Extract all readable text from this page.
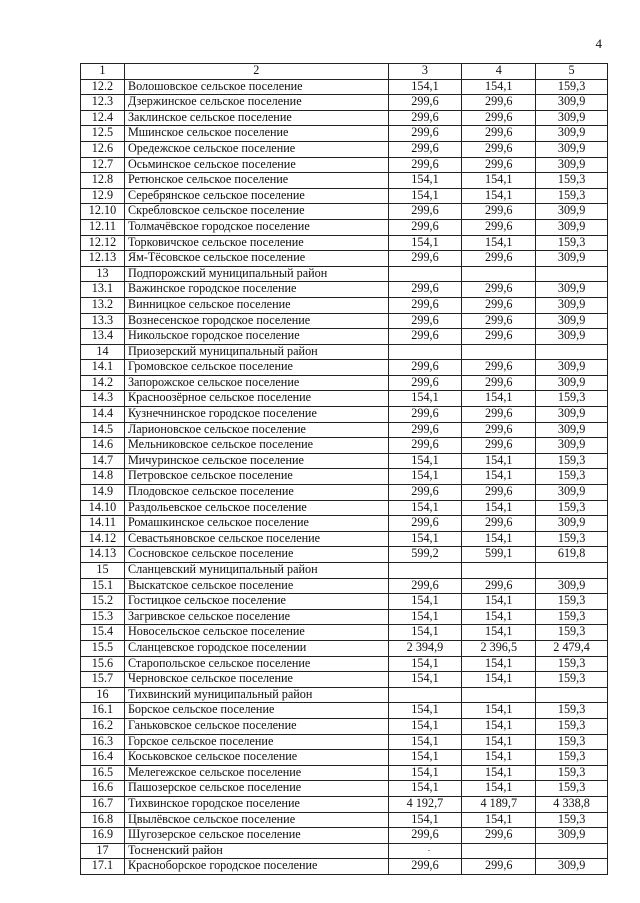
4
1	2	3	4	5
12.2	Волошовское сельское поселение	154,1	154,1	159,3
12.3	Дзержинское сельское поселение	299,6	299,6	309,9
12.4	Заклинское сельское поселение	299,6	299,6	309,9
12.5	Мшинское сельское поселение	299,6	299,6	309,9
12.6	Оредежское сельское поселение	299,6	299,6	309,9
12.7	Осьминское сельское поселение	299,6	299,6	309,9
12.8	Ретюнское сельское поселение	154,1	154,1	159,3
12.9	Серебрянское сельское поселение	154,1	154,1	159,3
12.10	Скребловское сельское поселение	299,6	299,6	309,9
12.11	Толмачёвское городское поселение	299,6	299,6	309,9
12.12	Торковичское сельское поселение	154,1	154,1	159,3
12.13	Ям-Тёсовское сельское поселение	299,6	299,6	309,9
13	Подпорожский муниципальный район			
13.1	Важинское городское поселение	299,6	299,6	309,9
13.2	Винницкое сельское поселение	299,6	299,6	309,9
13.3	Вознесенское городское поселение	299,6	299,6	309,9
13.4	Никольское городское поселение	299,6	299,6	309,9
14	Приозерский муниципальный район			
14.1	Громовское сельское поселение	299,6	299,6	309,9
14.2	Запорожское сельское поселение	299,6	299,6	309,9
14.3	Красноозёрное сельское поселение	154,1	154,1	159,3
14.4	Кузнечнинское городское поселение	299,6	299,6	309,9
14.5	Ларионовское сельское поселение	299,6	299,6	309,9
14.6	Мельниковское сельское поселение	299,6	299,6	309,9
14.7	Мичуринское сельское поселение	154,1	154,1	159,3
14.8	Петровское сельское поселение	154,1	154,1	159,3
14.9	Плодовское сельское поселение	299,6	299,6	309,9
14.10	Раздольевское сельское поселение	154,1	154,1	159,3
14.11	Ромашкинское сельское поселение	299,6	299,6	309,9
14.12	Севастьяновское сельское поселение	154,1	154,1	159,3
14.13	Сосновское сельское поселение	599,2	599,1	619,8
15	Сланцевский муниципальный район			
15.1	Выскатское сельское поселение	299,6	299,6	309,9
15.2	Гостицкое сельское поселение	154,1	154,1	159,3
15.3	Загривское сельское поселение	154,1	154,1	159,3
15.4	Новосельское сельское поселение	154,1	154,1	159,3
15.5	Сланцевское городское поселении	2 394,9	2 396,5	2 479,4
15.6	Старопольское сельское поселение	154,1	154,1	159,3
15.7	Черновское сельское поселение	154,1	154,1	159,3
16	Тихвинский муниципальный район			
16.1	Борское сельское поселение	154,1	154,1	159,3
16.2	Ганьковское сельское поселение	154,1	154,1	159,3
16.3	Горское сельское поселение	154,1	154,1	159,3
16.4	Коськовское сельское поселение	154,1	154,1	159,3
16.5	Мелегежское сельское поселение	154,1	154,1	159,3
16.6	Пашозерское сельское поселение	154,1	154,1	159,3
16.7	Тихвинское городское поселение	4 192,7	4 189,7	4 338,8
16.8	Цвылёвское сельское поселение	154,1	154,1	159,3
16.9	Шугозерское сельское поселение	299,6	299,6	309,9
17	Тосненский район			
17.1	Красноборское городское поселение	299,6	299,6	309,9
